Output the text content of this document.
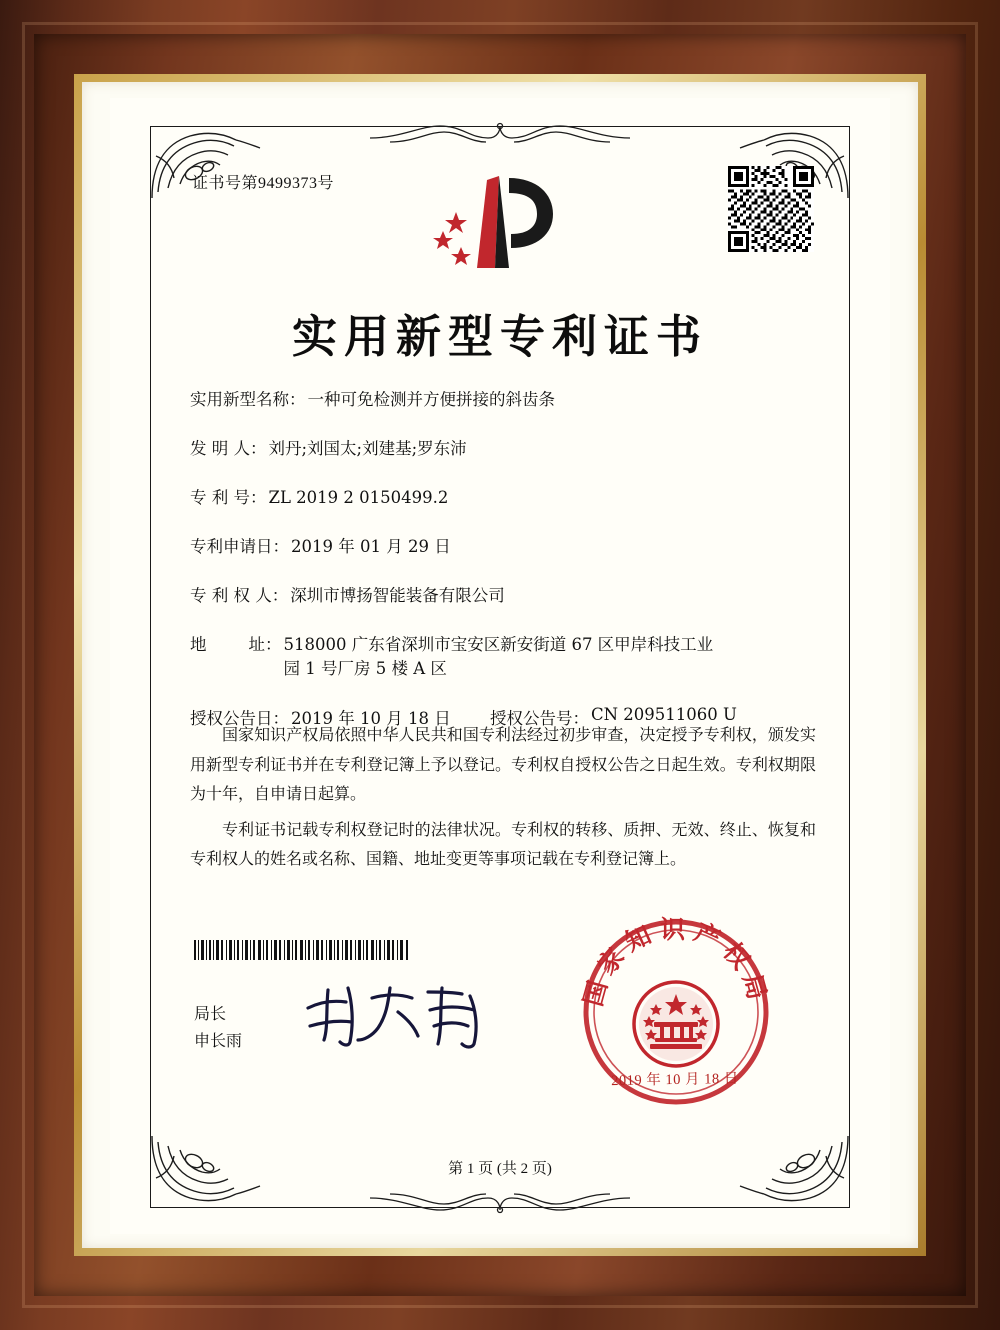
证书号第9499373号
实用新型专利证书
实用新型名称： 一种可免检测并方便拼接的斜齿条
发 明 人： 刘丹;刘国太;刘建基;罗东沛
专 利 号： ZL 2019 2 0150499.2
专利申请日： 2019 年 01 月 29 日
专 利 权 人： 深圳市博扬智能装备有限公司
地        址： 518000 广东省深圳市宝安区新安街道 67 区甲岸科技工业
园 1 号厂房 5 楼 A 区
授权公告日： 2019 年 10 月 18 日	授权公告号： CN 209511060 U

国家知识产权局依照中华人民共和国专利法经过初步审查，决定授予专利权，颁发实用新型专利证书并在专利登记簿上予以登记。专利权自授权公告之日起生效。专利权期限为十年，自申请日起算。

专利证书记载专利权登记时的法律状况。专利权的转移、质押、无效、终止、恢复和专利权人的姓名或名称、国籍、地址变更等事项记载在专利登记簿上。

局长
申长雨
国家知识产权局
2019 年 10 月 18 日
第 1 页 (共 2 页)
